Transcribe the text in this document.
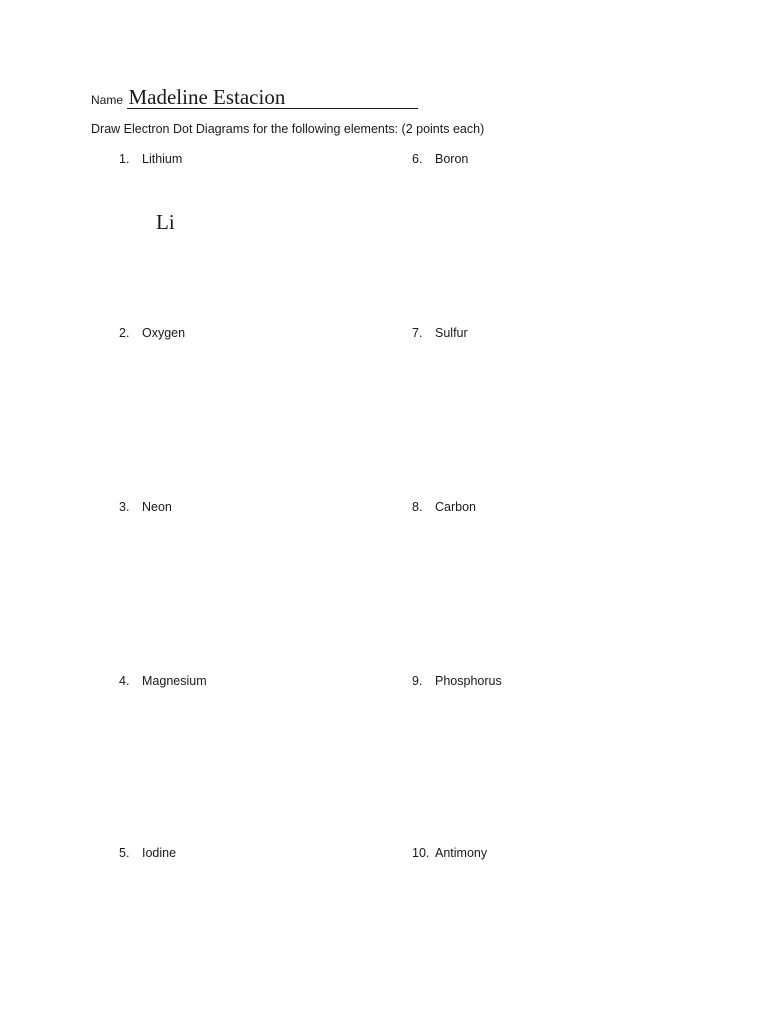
Name Madeline Estacion
Draw Electron Dot Diagrams for the following elements: (2 points each)
1. Lithium
2. Oxygen
3. Neon
4. Magnesium
5. Iodine
6. Boron
7. Sulfur
8. Carbon
9. Phosphorus
10. Antimony
Li
